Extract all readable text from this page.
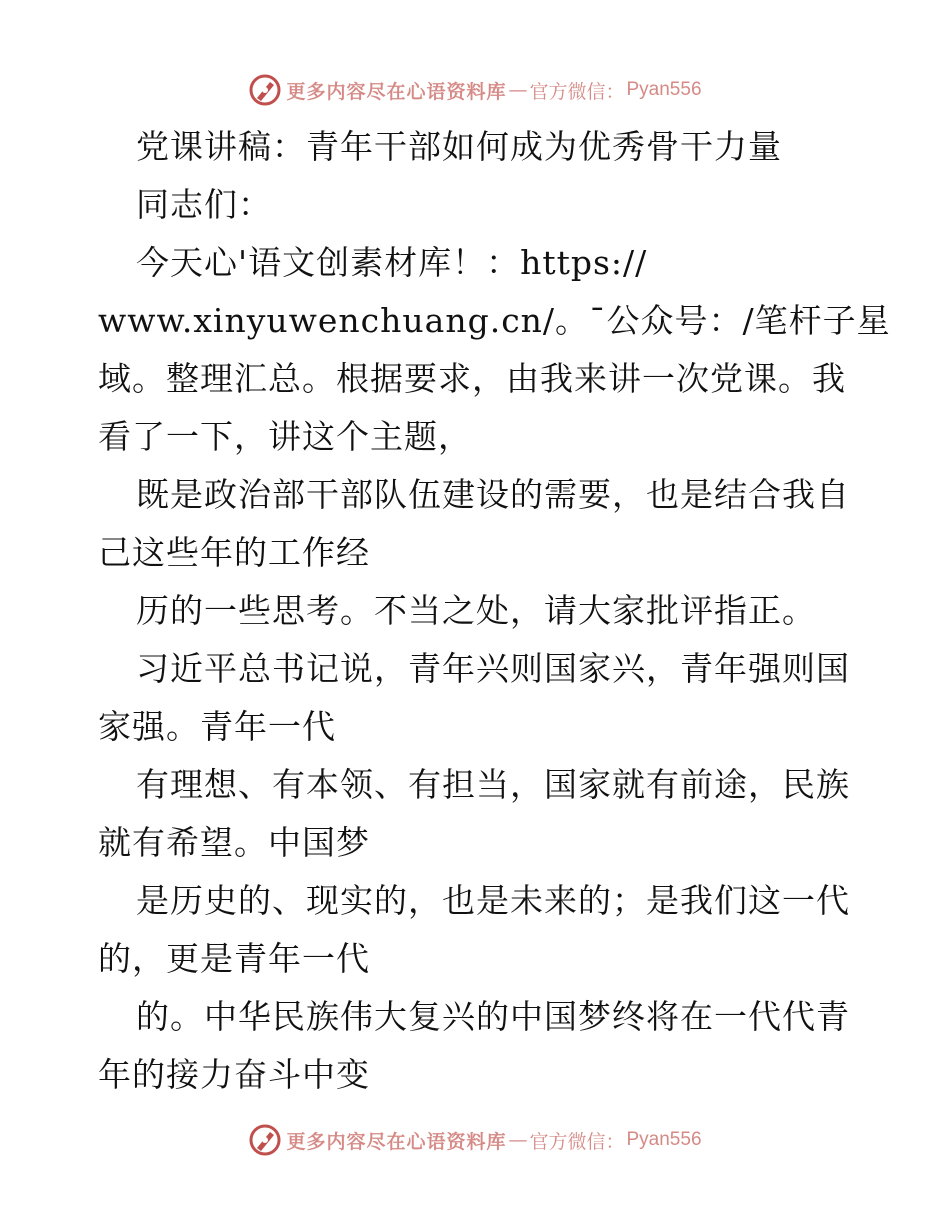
更多内容尽在心语资料库 — 官方微信： Pyan556
党课讲稿：青年干部如何成为优秀骨干力量
同志们：
今天心'语文创素材库！：https://
www.xinyuwenchuang.cn/。¯公众号：/笔杆子星
域。整理汇总。根据要求，由我来讲一次党课。我
看了一下，讲这个主题，
既是政治部干部队伍建设的需要，也是结合我自
己这些年的工作经
历的一些思考。不当之处，请大家批评指正。
习近平总书记说，青年兴则国家兴，青年强则国
家强。青年一代
有理想、有本领、有担当，国家就有前途，民族
就有希望。中国梦
是历史的、现实的，也是未来的；是我们这一代
的，更是青年一代
的。中华民族伟大复兴的中国梦终将在一代代青
年的接力奋斗中变
更多内容尽在心语资料库 — 官方微信： Pyan556
